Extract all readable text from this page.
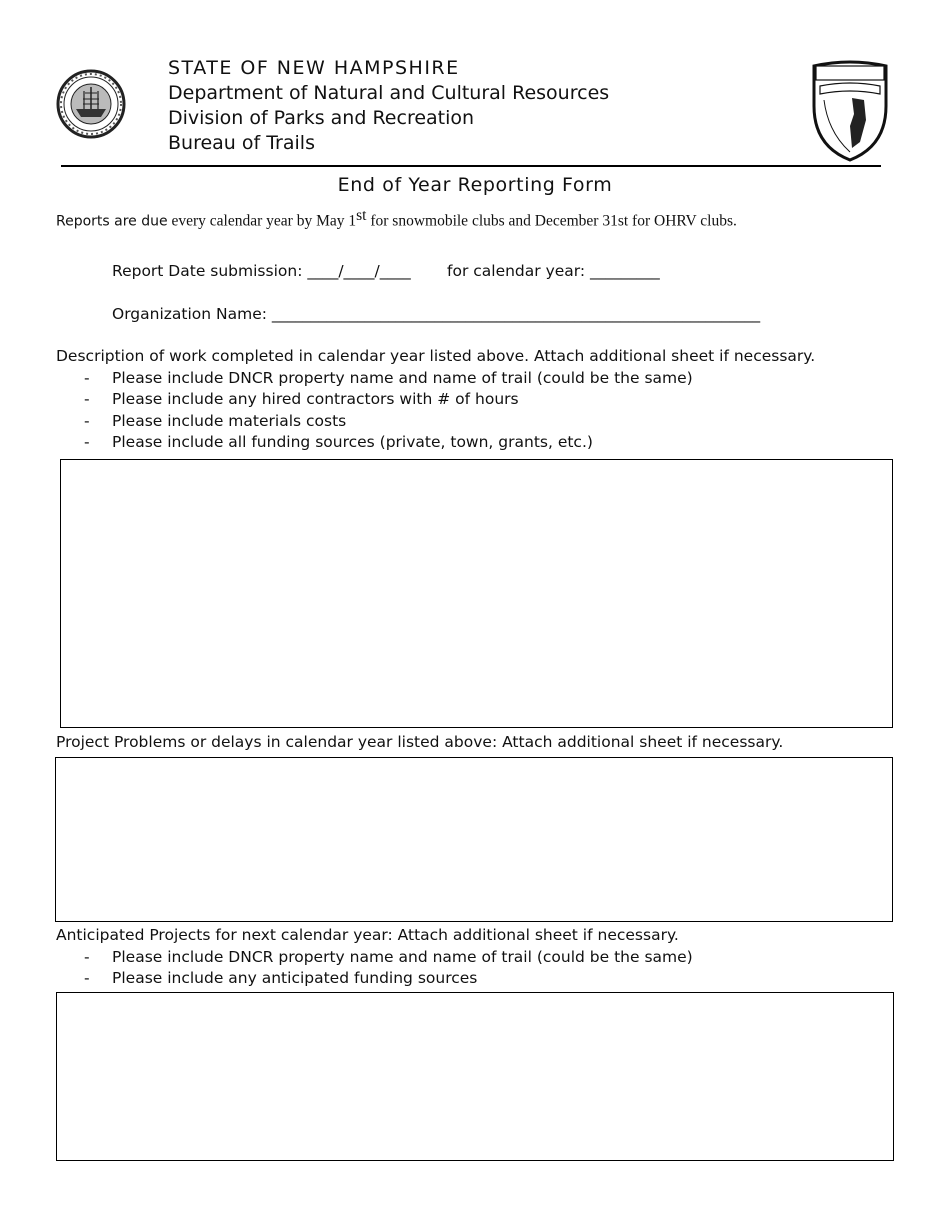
STATE OF NEW HAMPSHIRE
Department of Natural and Cultural Resources
Division of Parks and Recreation
Bureau of Trails
End of Year Reporting Form
Reports are due every calendar year by May 1st for snowmobile clubs and December 31st for OHRV clubs.
Report Date submission: ____/____/____ for calendar year: _________
Organization Name: _______________________________________________________________
Description of work completed in calendar year listed above. Attach additional sheet if necessary.
-	Please include DNCR property name and name of trail (could be the same)
-	Please include any hired contractors with # of hours
-	Please include materials costs
-	Please include all funding sources (private, town, grants, etc.)
Project Problems or delays in calendar year listed above: Attach additional sheet if necessary.
Anticipated Projects for next calendar year: Attach additional sheet if necessary.
-	Please include DNCR property name and name of trail (could be the same)
-	Please include any anticipated funding sources
